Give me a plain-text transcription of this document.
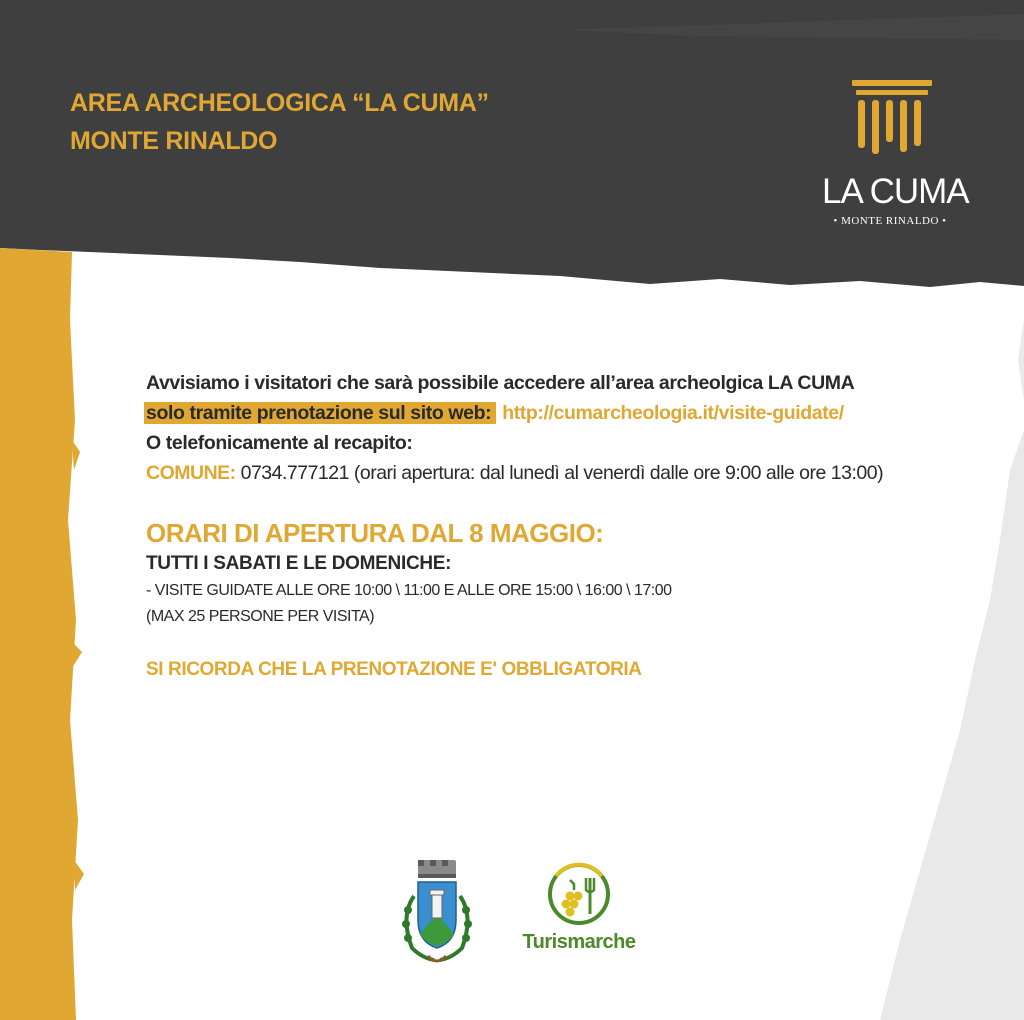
AREA ARCHEOLOGICA “LA CUMA”
MONTE RINALDO
LA CUMA
• MONTE RINALDO •
Avvisiamo i visitatori che sarà possibile accedere all’area archeolgica LA CUMA
solo tramite prenotazione sul sito web: http://cumarcheologia.it/visite-guidate/
O telefonicamente al recapito:
COMUNE: 0734.777121 (orari apertura: dal lunedì al venerdì dalle ore 9:00 alle ore 13:00)
ORARI DI APERTURA DAL 8 MAGGIO:
TUTTI I SABATI E LE DOMENICHE:
- VISITE GUIDATE ALLE ORE 10:00 \ 11:00 E ALLE ORE 15:00 \ 16:00 \ 17:00
(MAX 25 PERSONE PER VISITA)
SI RICORDA CHE LA PRENOTAZIONE E' OBBLIGATORIA
Turismarche
